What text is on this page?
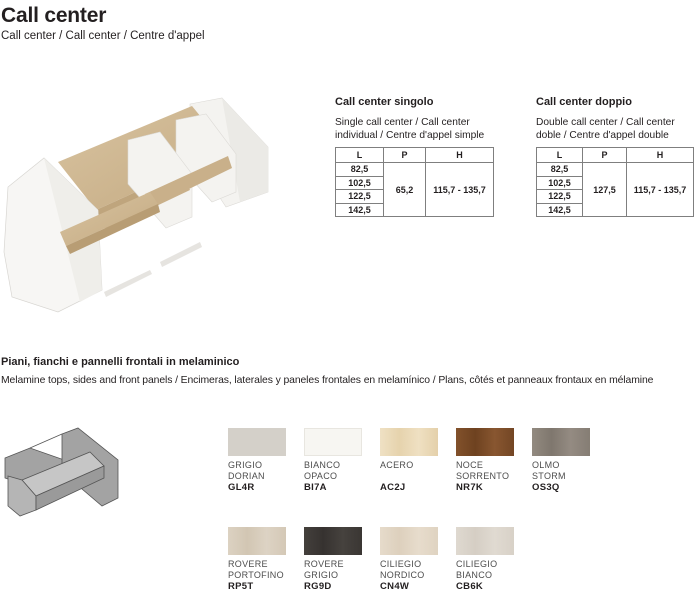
Call center
Call center / Call center / Centre d'appel
Call center singolo
Single call center / Call center
individual / Centre d'appel simple
L	P	H
82,5	65,2	115,7 - 135,7
102,5		
122,5		
142,5		
Call center doppio
Double call center / Call center
doble / Centre d'appel double
L	P	H
82,5	127,5	115,7 - 135,7
102,5		
122,5		
142,5		
Piani, fianchi e pannelli frontali in melaminico
Melamine tops, sides and front panels / Encimeras, laterales y paneles frontales en melamínico / Plans, côtés et panneaux frontaux en mélamine
GRIGIO
DORIAN
GL4R
BIANCO
OPACO
BI7A
ACERO
AC2J
NOCE
SORRENTO
NR7K
OLMO
STORM
OS3Q
ROVERE
PORTOFINO
RP5T
ROVERE
GRIGIO
RG9D
CILIEGIO
NORDICO
CN4W
CILIEGIO
BIANCO
CB6K
